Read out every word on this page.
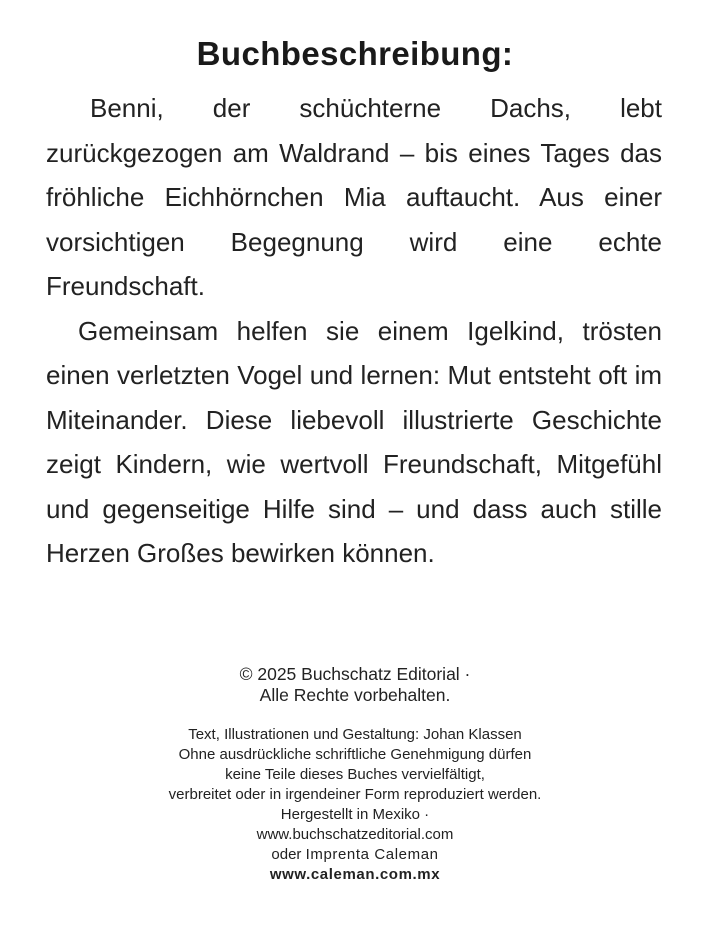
Buchbeschreibung:

Benni, der schüchterne Dachs, lebt zurückgezogen am Waldrand – bis eines Tages das fröhliche Eichhörnchen Mia auftaucht. Aus einer vorsichtigen Begegnung wird eine echte Freundschaft.

Gemeinsam helfen sie einem Igelkind, trösten einen verletzten Vogel und lernen: Mut entsteht oft im Miteinander. Diese liebevoll illustrierte Geschichte zeigt Kindern, wie wertvoll Freundschaft, Mitgefühl und gegenseitige Hilfe sind – und dass auch stille Herzen Großes bewirken können.

© 2025 Buchschatz Editorial ·
Alle Rechte vorbehalten.
Text, Illustrationen und Gestaltung: Johan Klassen
Ohne ausdrückliche schriftliche Genehmigung dürfen
keine Teile dieses Buches vervielfältigt,
verbreitet oder in irgendeiner Form reproduziert werden.
Hergestellt in Mexiko ·
www.buchschatzeditorial.com
oder Imprenta Caleman
www.caleman.com.mx
